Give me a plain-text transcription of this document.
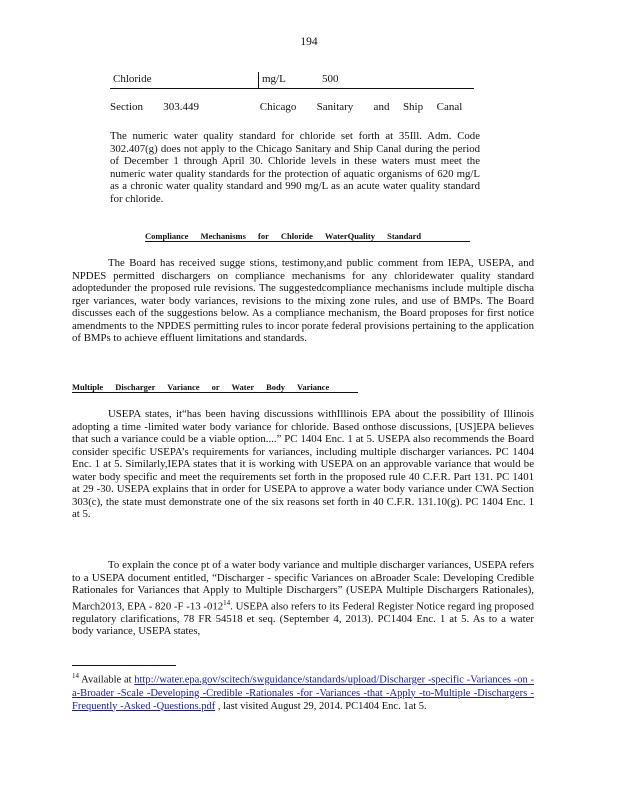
194
Chloride	mg/L	500
Section   303.449         Chicago   Sanitary   and  Ship  Canal
The numeric water quality standard for chloride set forth at 35Ill. Adm. Code 302.407(g) does not apply to the Chicago Sanitary and Ship Canal during the period of December 1 through April 30. Chloride levels in these waters must meet the numeric water quality standards for the protection of aquatic organisms of 620 mg/L as a chronic water quality standard and 990 mg/L as an acute water quality standard for chloride.
Compliance Mechanisms for Chloride WaterQuality Standard
The Board has received sugge stions, testimony,and public comment from IEPA, USEPA, and NPDES permitted dischargers on compliance mechanisms for any chloridewater quality standard adoptedunder the proposed rule revisions. The suggestedcompliance mechanisms include multiple discha rger variances, water body variances, revisions to the mixing zone rules, and use of BMPs. The Board discusses each of the suggestions below. As a compliance mechanism, the Board proposes for first notice amendments to the NPDES permitting rules to incor porate federal provisions pertaining to the application of BMPs to achieve effluent limitations and standards.
Multiple Discharger Variance or Water Body Variance
USEPA states, it“has been having discussions withIllinois EPA about the possibility of Illinois adopting a time -limited water body variance for chloride. Based onthose discussions, [US]EPA believes that such a variance could be a viable option....” PC 1404 Enc. 1 at 5. USEPA also recommends the Board consider specific USEPA’s requirements for variances, including multiple discharger variances. PC 1404 Enc. 1 at 5. Similarly,IEPA states that it is working with USEPA on an approvable variance that would be water body specific and meet the requirements set forth in the proposed rule 40 C.F.R. Part 131. PC 1401 at 29 -30. USEPA explains that in order for USEPA to approve a water body variance under CWA Section 303(c), the state must demonstrate one of the six reasons set forth in 40 C.F.R. 131.10(g). PC 1404 Enc. 1 at 5.
To explain the conce pt of a water body variance and multiple discharger variances, USEPA refers to a USEPA document entitled, “Discharger - specific Variances on aBroader Scale: Developing Credible Rationales for Variances that Apply to Multiple Dischargers” (USEPA Multiple Dischargers Rationales), March2013, EPA - 820 -F -13 $-012^{14}$. USEPA also refers to its Federal Register Notice regard ing proposed regulatory clarifications, 78 FR 54518 et seq. (September 4, 2013). PC1404 Enc. 1 at 5. As to a water body variance, USEPA states,
$^{14}$ Available at http://water.epa.gov/scitech/swguidance/standards/upload/Discharger -specific -Variances -on -a-Broader -Scale -Developing -Credible -Rationales -for -Variances -that -Apply -to-Multiple -Dischargers -Frequently -Asked -Questions.pdf , last visited August 29, 2014. PC1404 Enc. 1at 5.
